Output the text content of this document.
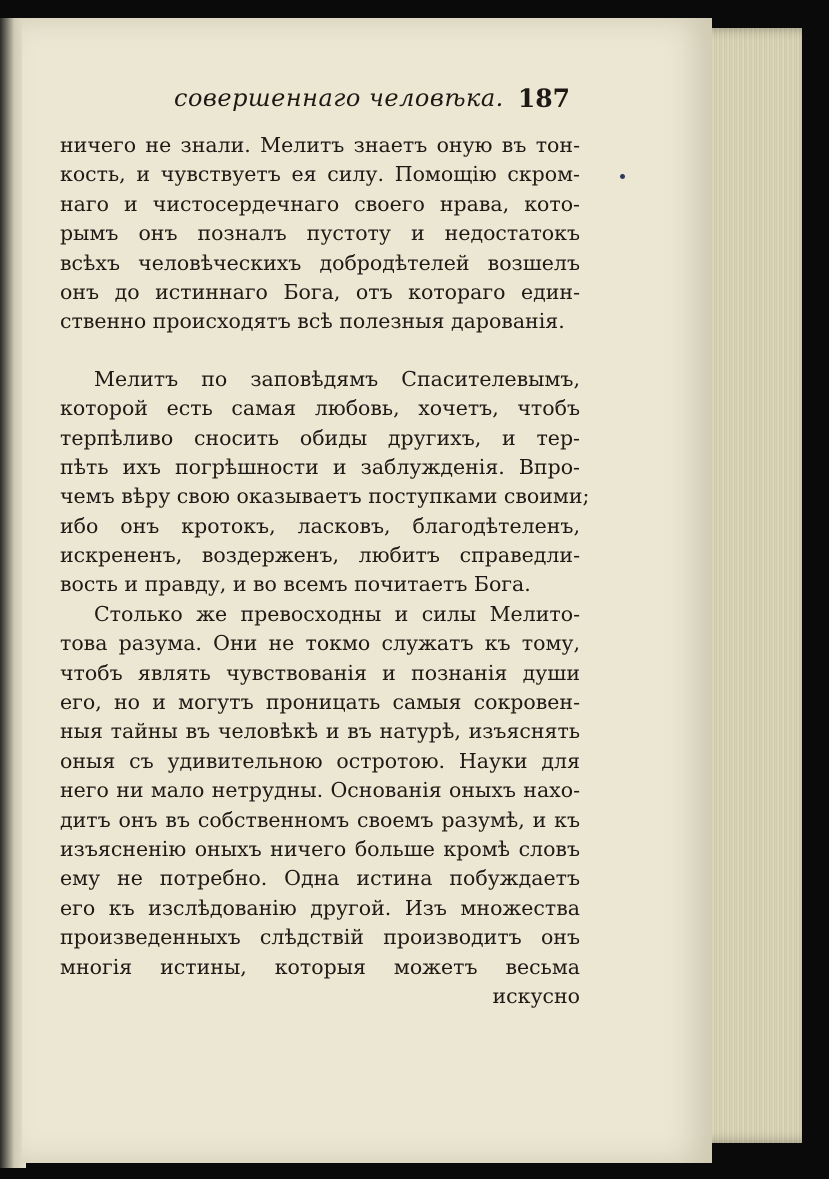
совершеннаго человѣка. 187
ничего не знали. Мелитъ знаетъ оную въ тон-
кость, и чувствуетъ ея силу. Помощію скром-
наго и чистосердечнаго своего нрава, кото-
рымъ онъ позналъ пустоту и недостатокъ
всѣхъ человѣческихъ добродѣтелей возшелъ
онъ до истиннаго Бога, отъ котораго един-
ственно происходятъ всѣ полезныя дарованія.
Мелитъ по заповѣдямъ Спасителевымъ,
которой есть самая любовь, хочетъ, чтобъ
терпѣливо сносить обиды другихъ, и тер-
пѣть ихъ погрѣшности и заблужденія. Впро-
чемъ вѣру свою оказываетъ поступками своими;
ибо онъ кротокъ, ласковъ, благодѣтеленъ,
искрененъ, воздерженъ, любитъ справедли-
вость и правду, и во всемъ почитаетъ Бога.
Столько же превосходны и силы Мелито-
това разума. Они не токмо служатъ къ тому,
чтобъ являть чувствованія и познанія души
его, но и могутъ проницать самыя сокровен-
ныя тайны въ человѣкѣ и въ натурѣ, изъяснять
оныя съ удивительною остротою. Науки для
него ни мало нетрудны. Основанія оныхъ нахо-
дитъ онъ въ собственномъ своемъ разумѣ, и къ
изъясненію оныхъ ничего больше кромѣ словъ
ему не потребно. Одна истина побуждаетъ
его къ изслѣдованію другой. Изъ множества
произведенныхъ слѣдствій производитъ онъ
многія истины, которыя можетъ весьма
искусно
